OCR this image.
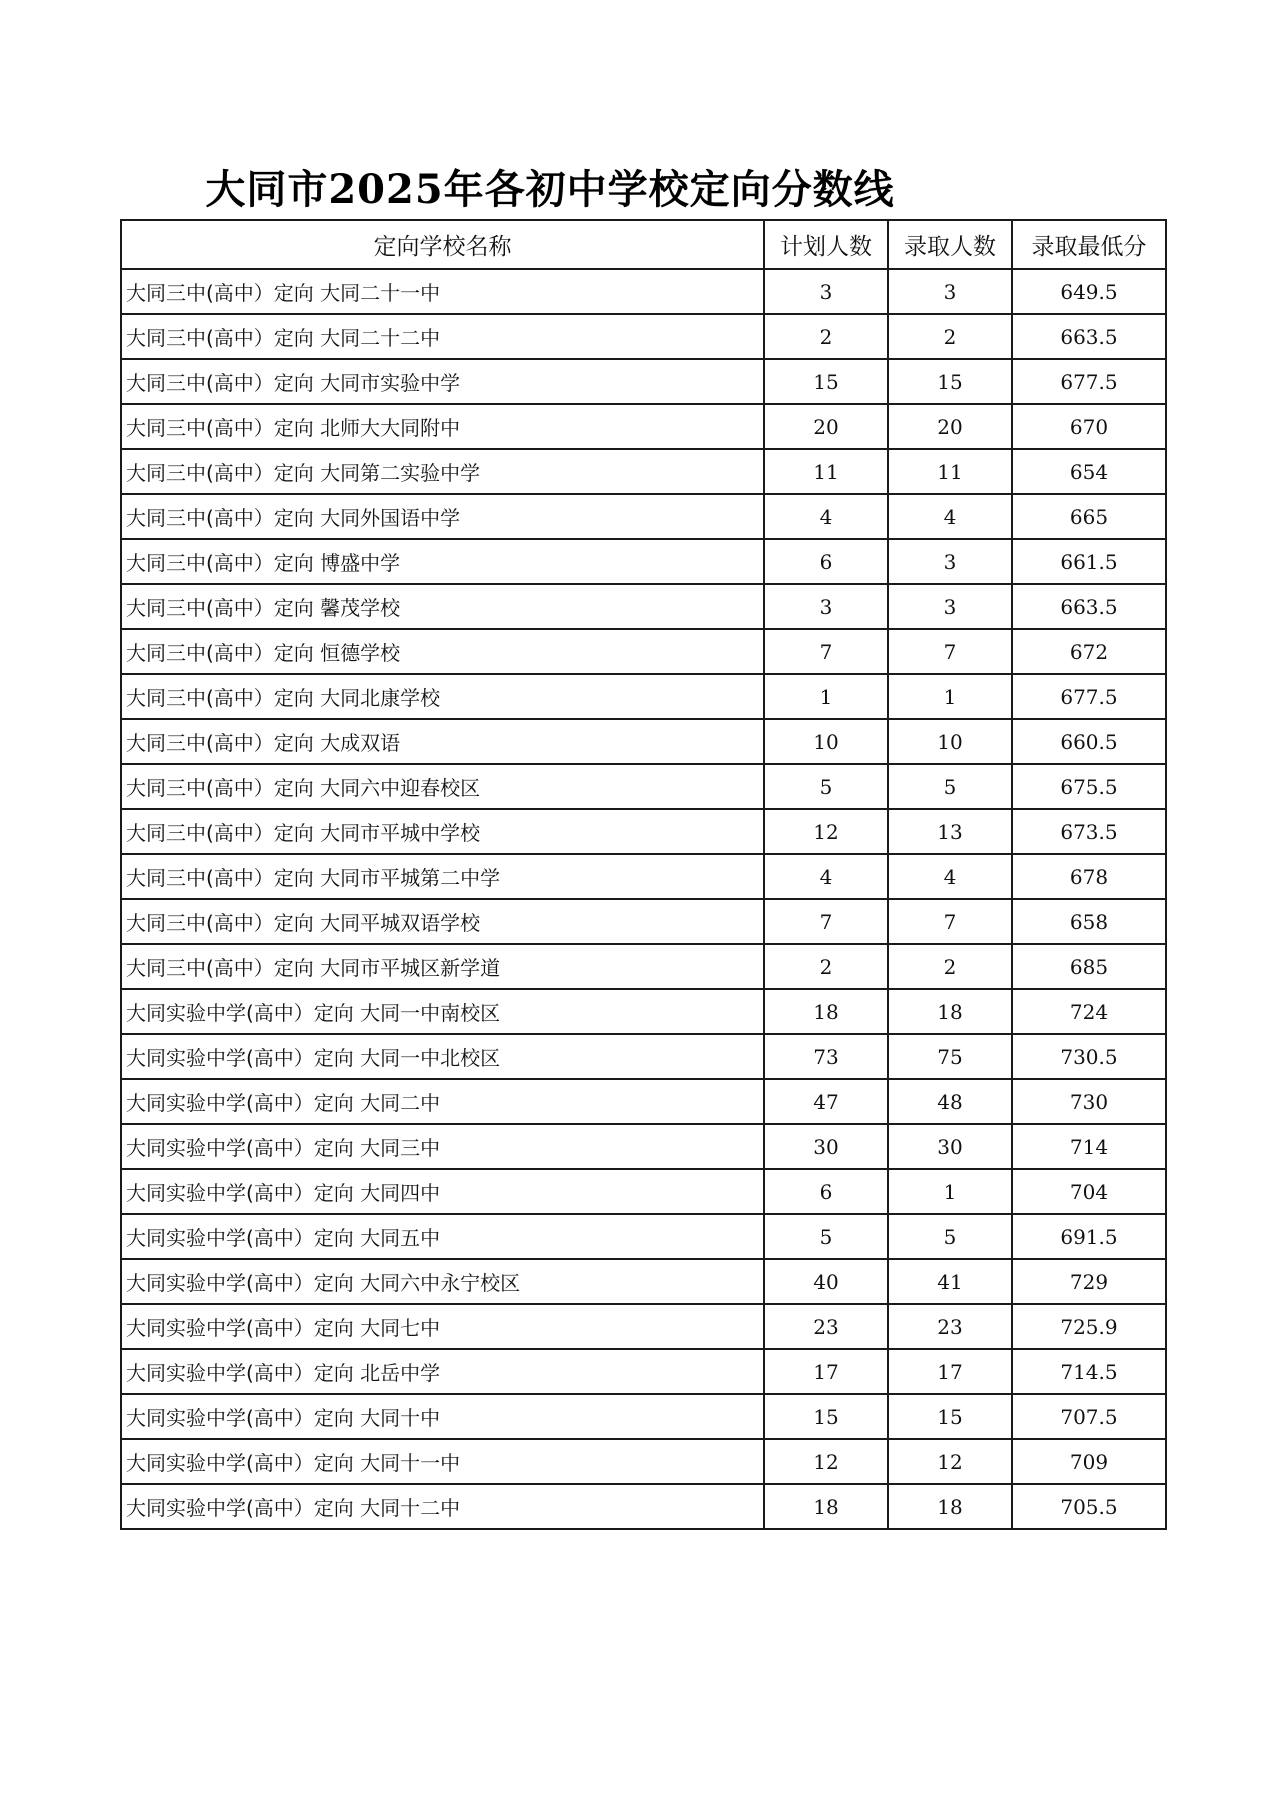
大同市2025年各初中学校定向分数线
定向学校名称	计划人数	录取人数	录取最低分
大同三中(高中）定向 大同二十一中	3	3	649.5
大同三中(高中）定向 大同二十二中	2	2	663.5
大同三中(高中）定向 大同市实验中学	15	15	677.5
大同三中(高中）定向 北师大大同附中	20	20	670
大同三中(高中）定向 大同第二实验中学	11	11	654
大同三中(高中）定向 大同外国语中学	4	4	665
大同三中(高中）定向 博盛中学	6	3	661.5
大同三中(高中）定向 馨茂学校	3	3	663.5
大同三中(高中）定向 恒德学校	7	7	672
大同三中(高中）定向 大同北康学校	1	1	677.5
大同三中(高中）定向 大成双语	10	10	660.5
大同三中(高中）定向 大同六中迎春校区	5	5	675.5
大同三中(高中）定向 大同市平城中学校	12	13	673.5
大同三中(高中）定向 大同市平城第二中学	4	4	678
大同三中(高中）定向 大同平城双语学校	7	7	658
大同三中(高中）定向 大同市平城区新学道	2	2	685
大同实验中学(高中）定向 大同一中南校区	18	18	724
大同实验中学(高中）定向 大同一中北校区	73	75	730.5
大同实验中学(高中）定向 大同二中	47	48	730
大同实验中学(高中）定向 大同三中	30	30	714
大同实验中学(高中）定向 大同四中	6	1	704
大同实验中学(高中）定向 大同五中	5	5	691.5
大同实验中学(高中）定向 大同六中永宁校区	40	41	729
大同实验中学(高中）定向 大同七中	23	23	725.9
大同实验中学(高中）定向 北岳中学	17	17	714.5
大同实验中学(高中）定向 大同十中	15	15	707.5
大同实验中学(高中）定向 大同十一中	12	12	709
大同实验中学(高中）定向 大同十二中	18	18	705.5
